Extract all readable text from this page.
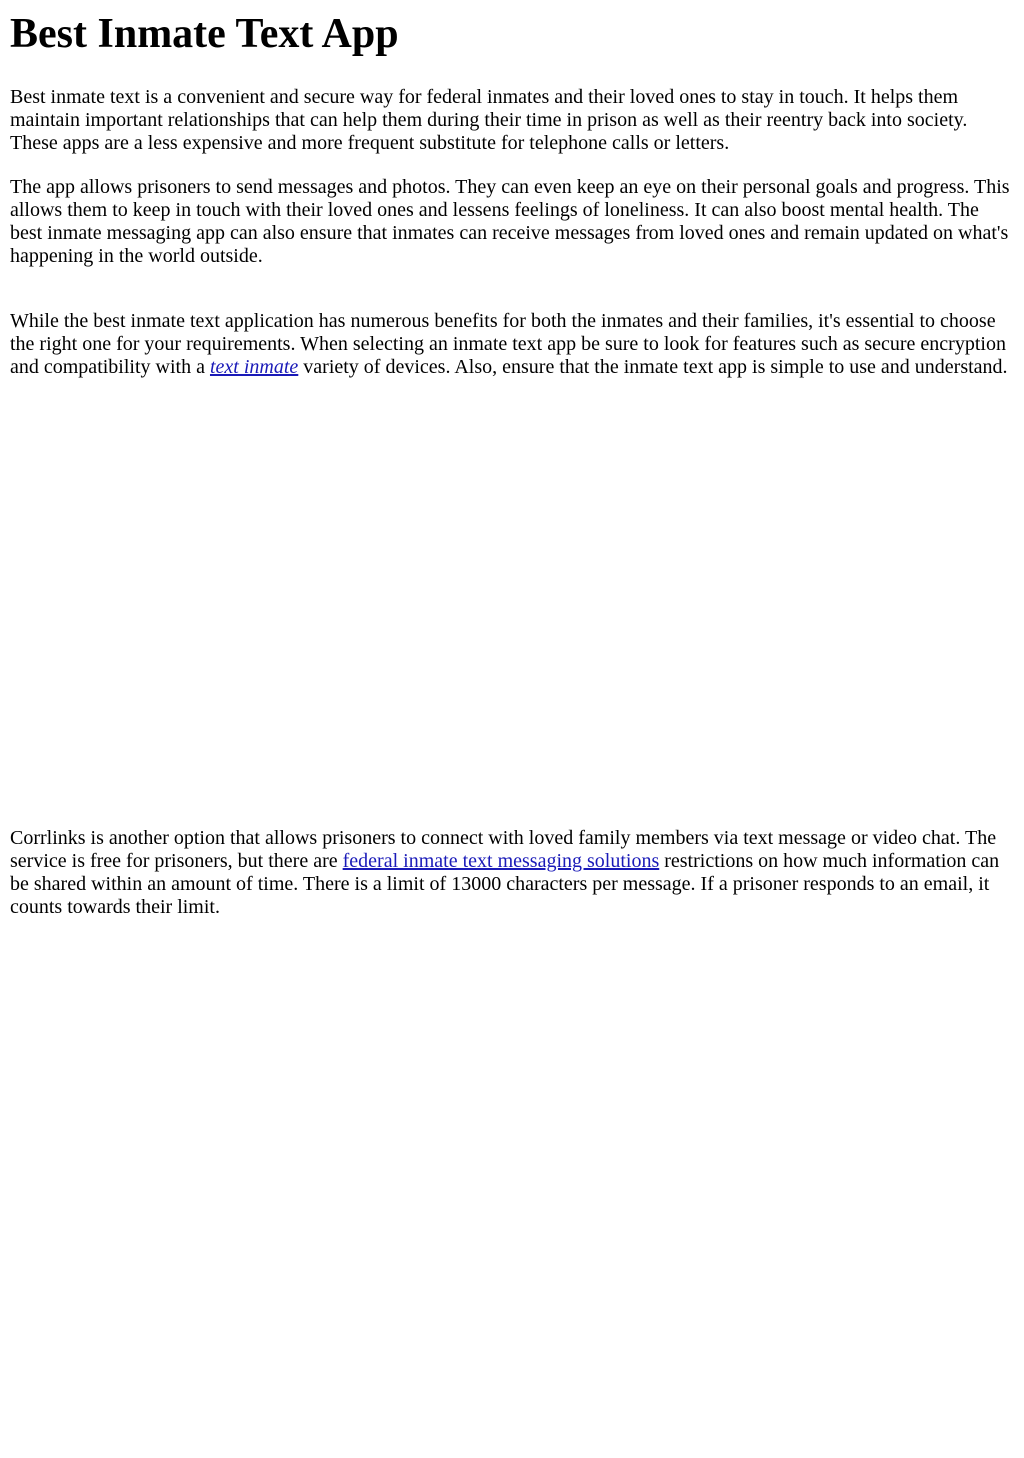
Best Inmate Text App

Best inmate text is a convenient and secure way for federal inmates and their loved ones to stay in touch. It helps them maintain important relationships that can help them during their time in prison as well as their reentry back into society. These apps are a less expensive and more frequent substitute for telephone calls or letters.

The app allows prisoners to send messages and photos. They can even keep an eye on their personal goals and progress. This allows them to keep in touch with their loved ones and lessens feelings of loneliness. It can also boost mental health. The best inmate messaging app can also ensure that inmates can receive messages from loved ones and remain updated on what's happening in the world outside.

While the best inmate text application has numerous benefits for both the inmates and their families, it's essential to choose the right one for your requirements. When selecting an inmate text app be sure to look for features such as secure encryption and compatibility with a text inmate variety of devices. Also, ensure that the inmate text app is simple to use and understand.

Corrlinks is another option that allows prisoners to connect with loved family members via text message or video chat. The service is free for prisoners, but there are federal inmate text messaging solutions restrictions on how much information can be shared within an amount of time. There is a limit of 13000 characters per message. If a prisoner responds to an email, it counts towards their limit.
